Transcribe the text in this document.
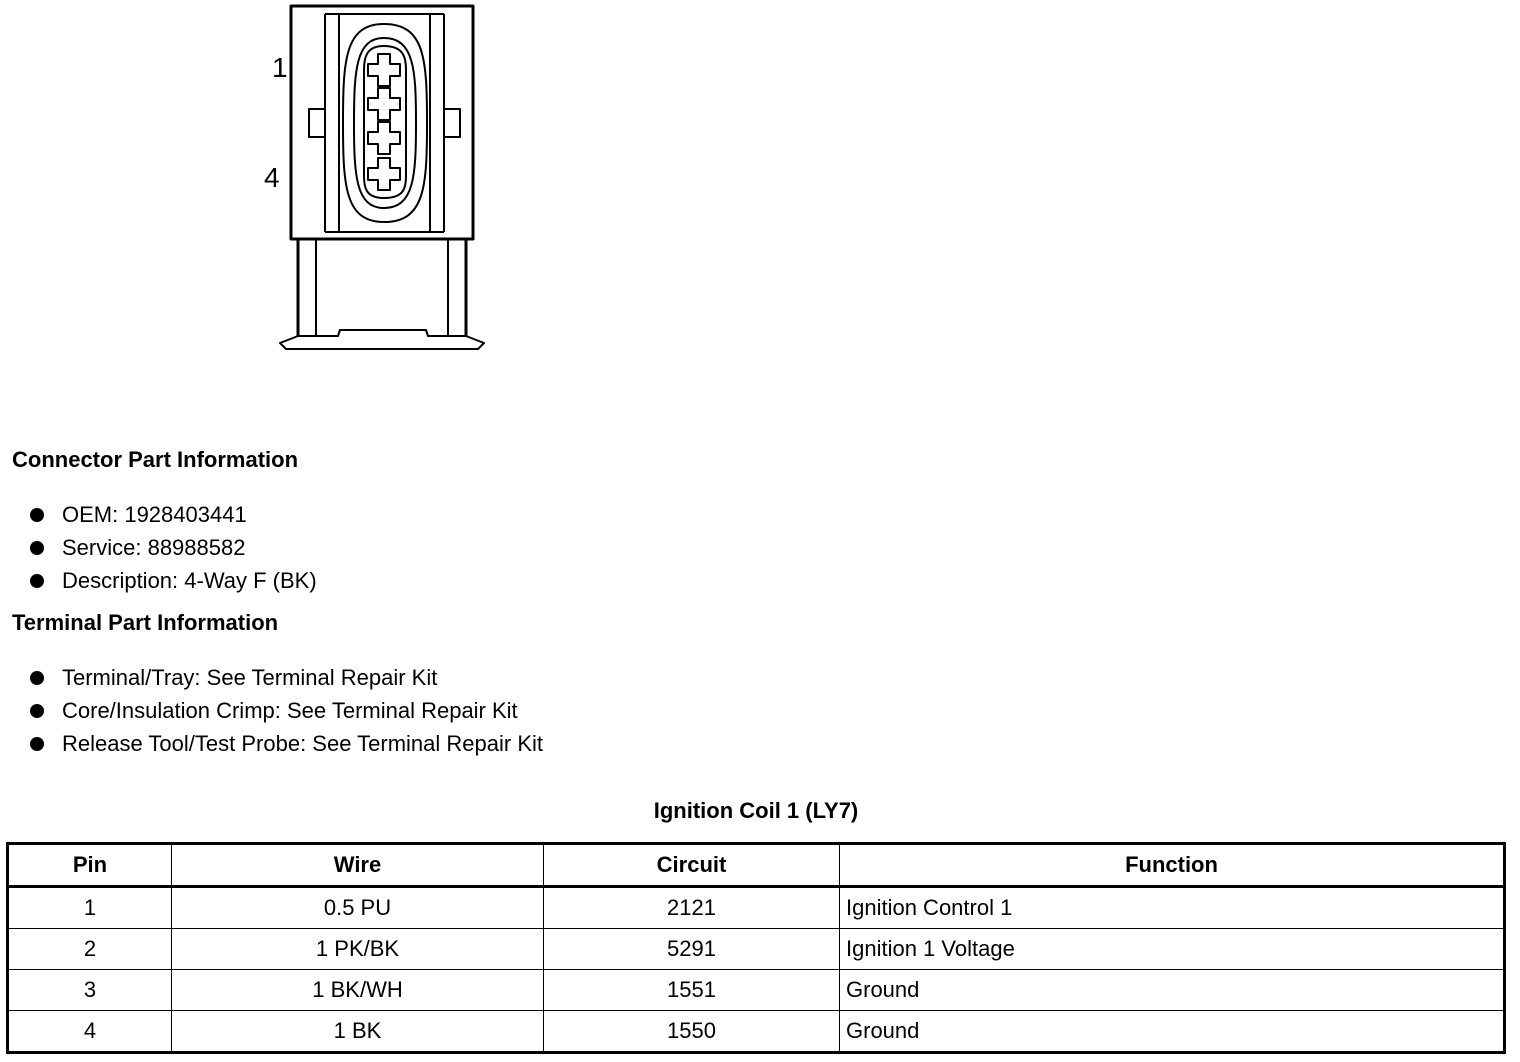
1
4
Connector Part Information
OEM: 1928403441
Service: 88988582
Description: 4-Way F (BK)
Terminal Part Information
Terminal/Tray: See Terminal Repair Kit
Core/Insulation Crimp: See Terminal Repair Kit
Release Tool/Test Probe: See Terminal Repair Kit
Ignition Coil 1 (LY7)
Pin	Wire	Circuit	Function
1	0.5 PU	2121	Ignition Control 1
2	1 PK/BK	5291	Ignition 1 Voltage
3	1 BK/WH	1551	Ground
4	1 BK	1550	Ground
